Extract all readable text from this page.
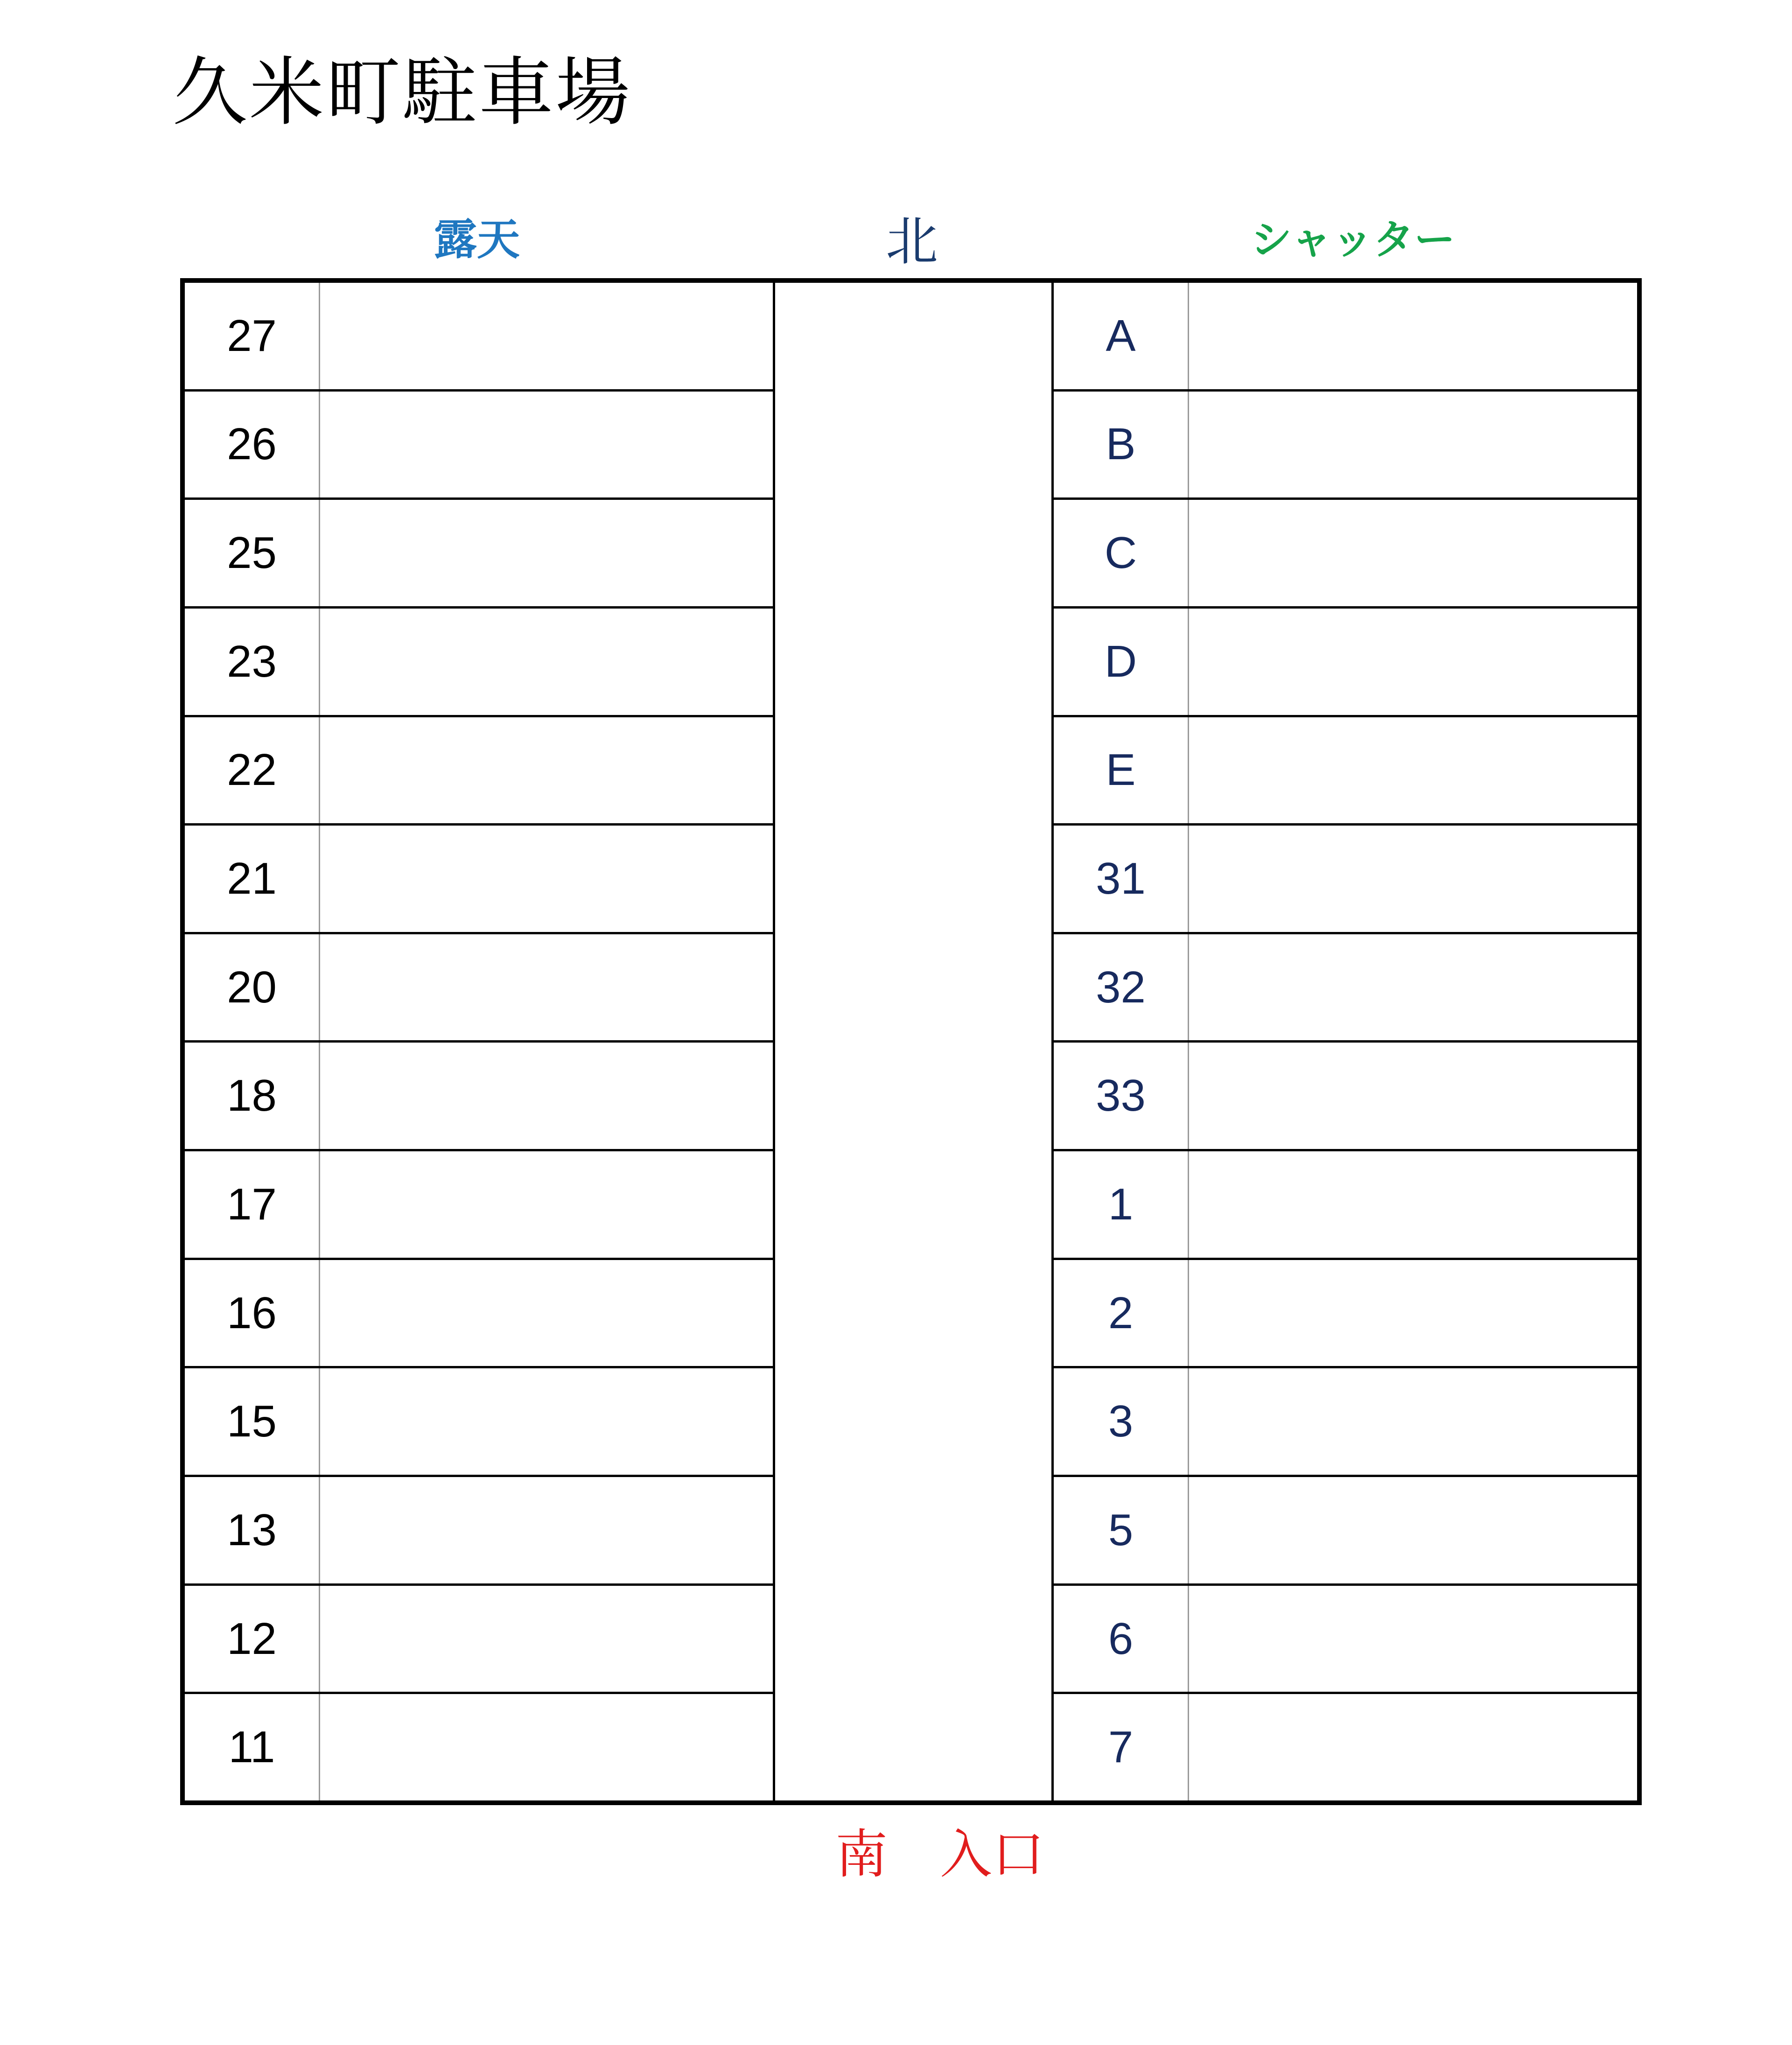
久米町駐車場
露天	北	シャッター
27
26
25
23
22
21
20
18
17
16
15
13
12
11
A
B
C
D
E
31
32
33
1
2
3
5
6
7
南　入口
